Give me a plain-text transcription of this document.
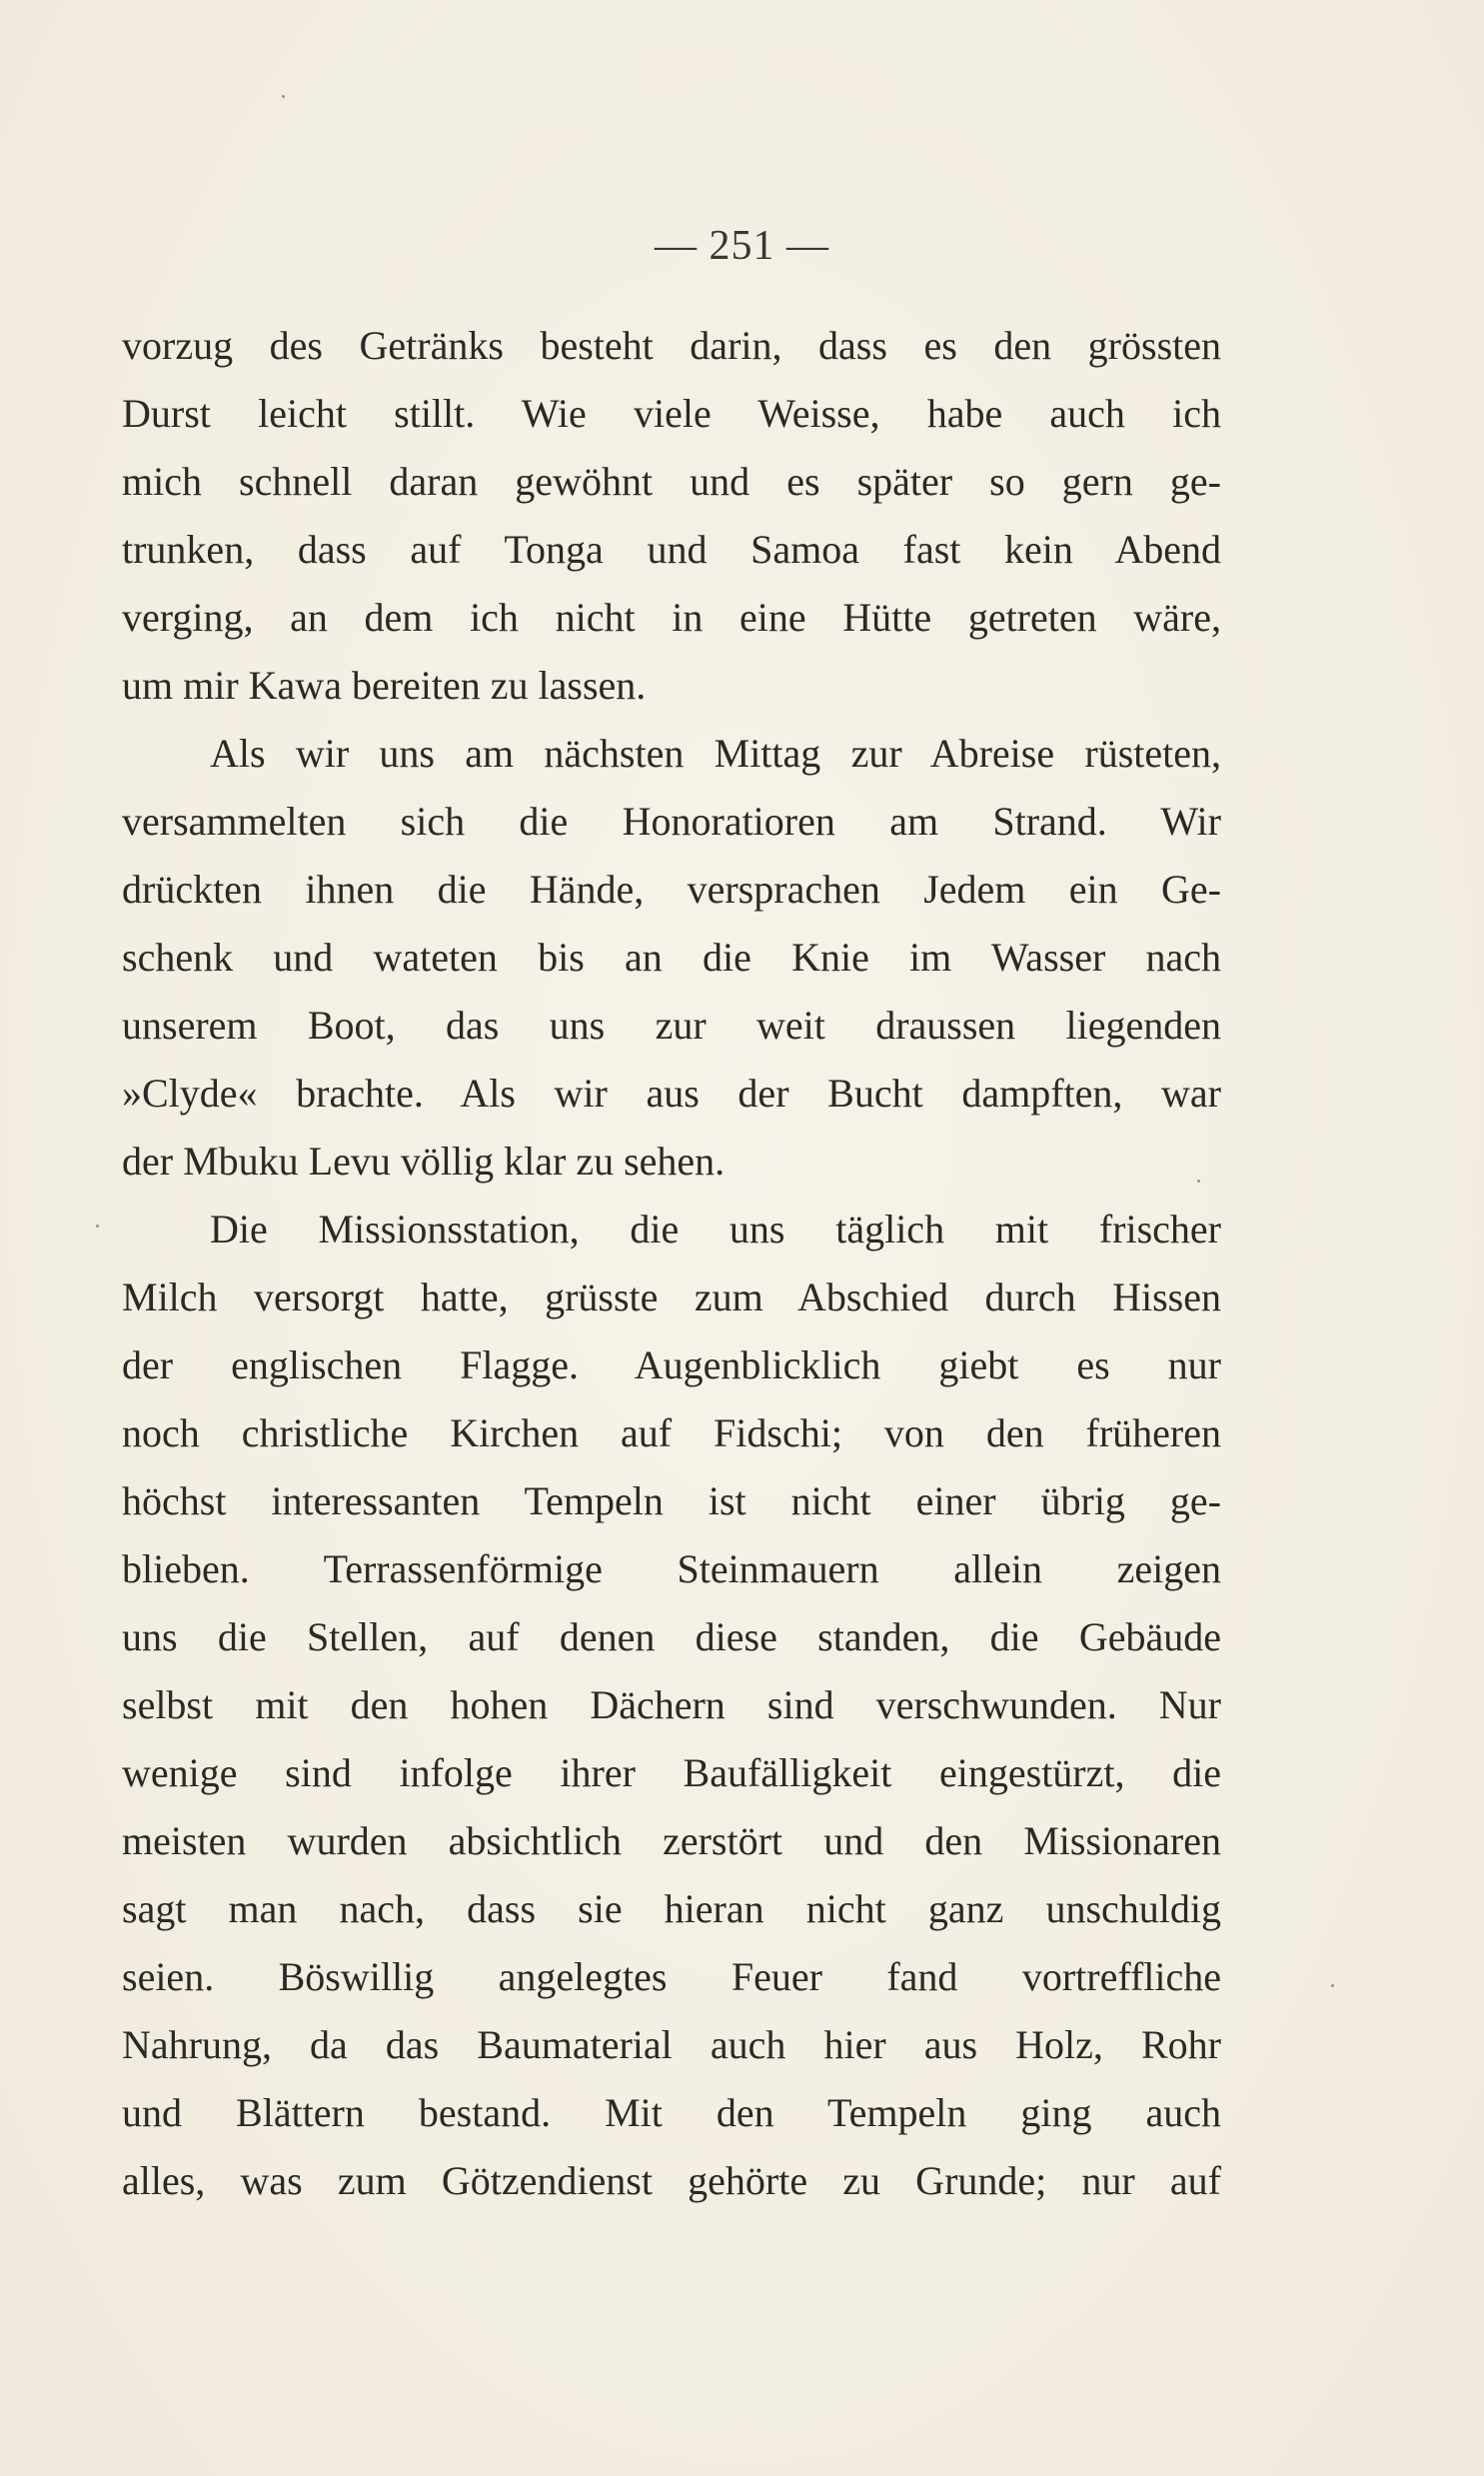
— 251 —
vorzug des Getränks besteht darin, dass es den grössten
Durst leicht stillt. Wie viele Weisse, habe auch ich
mich schnell daran gewöhnt und es später so gern ge-
trunken, dass auf Tonga und Samoa fast kein Abend
verging, an dem ich nicht in eine Hütte getreten wäre,
um mir Kawa bereiten zu lassen.
Als wir uns am nächsten Mittag zur Abreise rüsteten,
versammelten sich die Honoratioren am Strand. Wir
drückten ihnen die Hände, versprachen Jedem ein Ge-
schenk und wateten bis an die Knie im Wasser nach
unserem Boot, das uns zur weit draussen liegenden
»Clyde« brachte. Als wir aus der Bucht dampften, war
der Mbuku Levu völlig klar zu sehen.
Die Missionsstation, die uns täglich mit frischer
Milch versorgt hatte, grüsste zum Abschied durch Hissen
der englischen Flagge. Augenblicklich giebt es nur
noch christliche Kirchen auf Fidschi; von den früheren
höchst interessanten Tempeln ist nicht einer übrig ge-
blieben. Terrassenförmige Steinmauern allein zeigen
uns die Stellen, auf denen diese standen, die Gebäude
selbst mit den hohen Dächern sind verschwunden. Nur
wenige sind infolge ihrer Baufälligkeit eingestürzt, die
meisten wurden absichtlich zerstört und den Missionaren
sagt man nach, dass sie hieran nicht ganz unschuldig
seien. Böswillig angelegtes Feuer fand vortreffliche
Nahrung, da das Baumaterial auch hier aus Holz, Rohr
und Blättern bestand. Mit den Tempeln ging auch
alles, was zum Götzendienst gehörte zu Grunde; nur auf
